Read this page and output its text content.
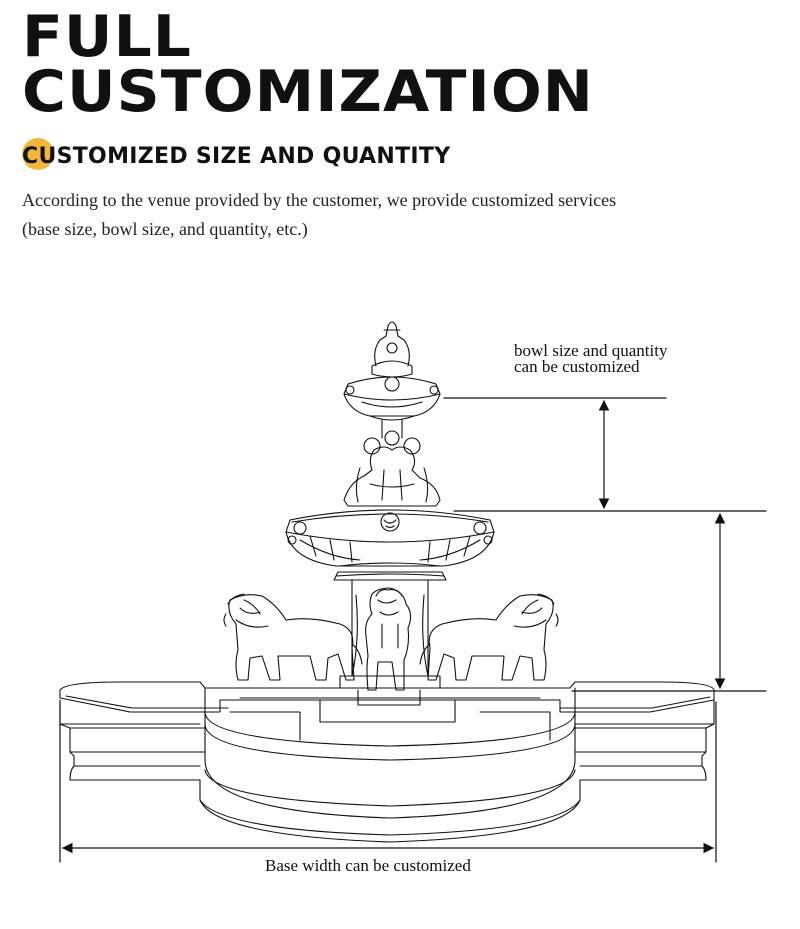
FULL
CUSTOMIZATION
CUSTOMIZED SIZE AND QUANTITY

According to the venue provided by the customer, we provide customized services
(base size, bowl size, and quantity, etc.)

bowl size and quantity
can be customized
Base width can be customized
